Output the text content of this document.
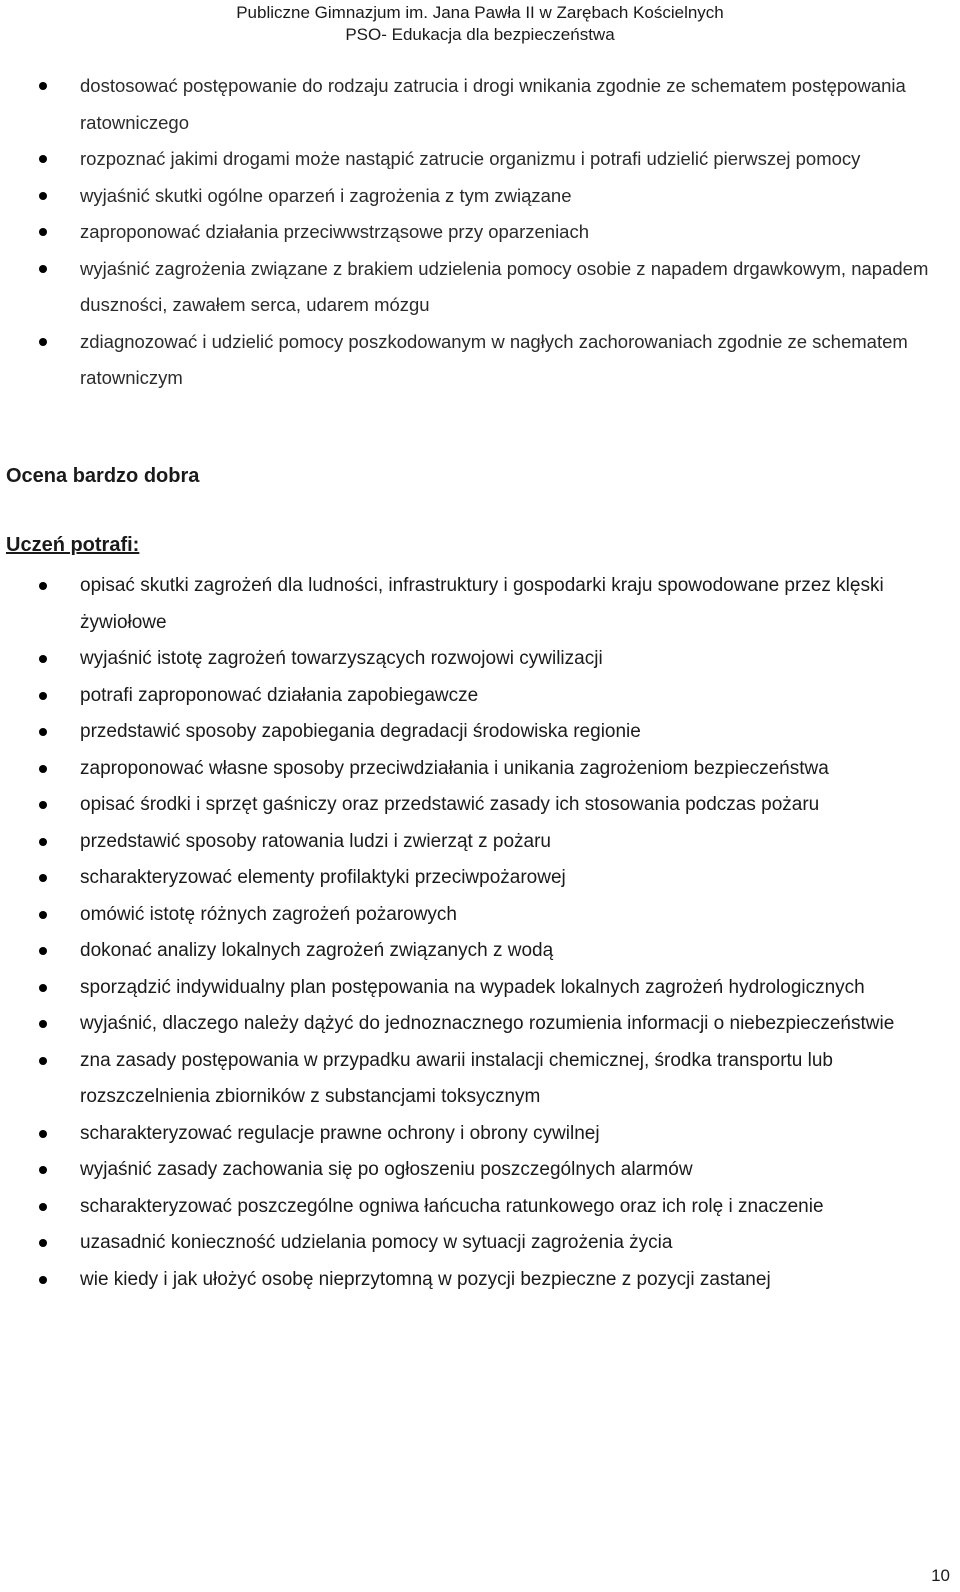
Publiczne Gimnazjum im. Jana Pawła II w Zarębach Kościelnych
PSO- Edukacja dla bezpieczeństwa
dostosować postępowanie do rodzaju zatrucia i drogi wnikania zgodnie ze schematem postępowania ratowniczego
rozpoznać jakimi drogami może nastąpić zatrucie organizmu i potrafi udzielić pierwszej pomocy
wyjaśnić skutki ogólne oparzeń i zagrożenia z tym związane
zaproponować działania przeciwwstrząsowe przy oparzeniach
wyjaśnić zagrożenia związane z brakiem udzielenia pomocy osobie z napadem drgawkowym, napadem duszności, zawałem serca, udarem mózgu
zdiagnozować i udzielić pomocy poszkodowanym w nagłych zachorowaniach zgodnie ze schematem ratowniczym
Ocena bardzo dobra
Uczeń potrafi:
opisać skutki zagrożeń dla ludności, infrastruktury i gospodarki kraju spowodowane przez klęski żywiołowe
wyjaśnić istotę zagrożeń towarzyszących rozwojowi cywilizacji
potrafi zaproponować działania zapobiegawcze
przedstawić sposoby zapobiegania degradacji środowiska regionie
zaproponować własne sposoby przeciwdziałania i unikania zagrożeniom bezpieczeństwa
opisać środki i sprzęt gaśniczy oraz przedstawić zasady ich stosowania podczas pożaru
przedstawić sposoby ratowania ludzi i zwierząt z pożaru
scharakteryzować elementy profilaktyki przeciwpożarowej
omówić istotę różnych zagrożeń pożarowych
dokonać analizy lokalnych zagrożeń związanych z wodą
sporządzić indywidualny plan postępowania na wypadek lokalnych zagrożeń hydrologicznych
wyjaśnić, dlaczego należy dążyć do jednoznacznego rozumienia informacji o niebezpieczeństwie
zna zasady postępowania w przypadku awarii instalacji chemicznej, środka transportu lub rozszczelnienia zbiorników z substancjami toksycznym
scharakteryzować regulacje prawne ochrony i obrony cywilnej
wyjaśnić zasady zachowania się po ogłoszeniu poszczególnych alarmów
scharakteryzować poszczególne ogniwa łańcucha ratunkowego oraz ich rolę i znaczenie
uzasadnić konieczność udzielania pomocy w sytuacji zagrożenia życia
wie kiedy i jak ułożyć osobę nieprzytomną w pozycji bezpieczne z pozycji zastanej
10
